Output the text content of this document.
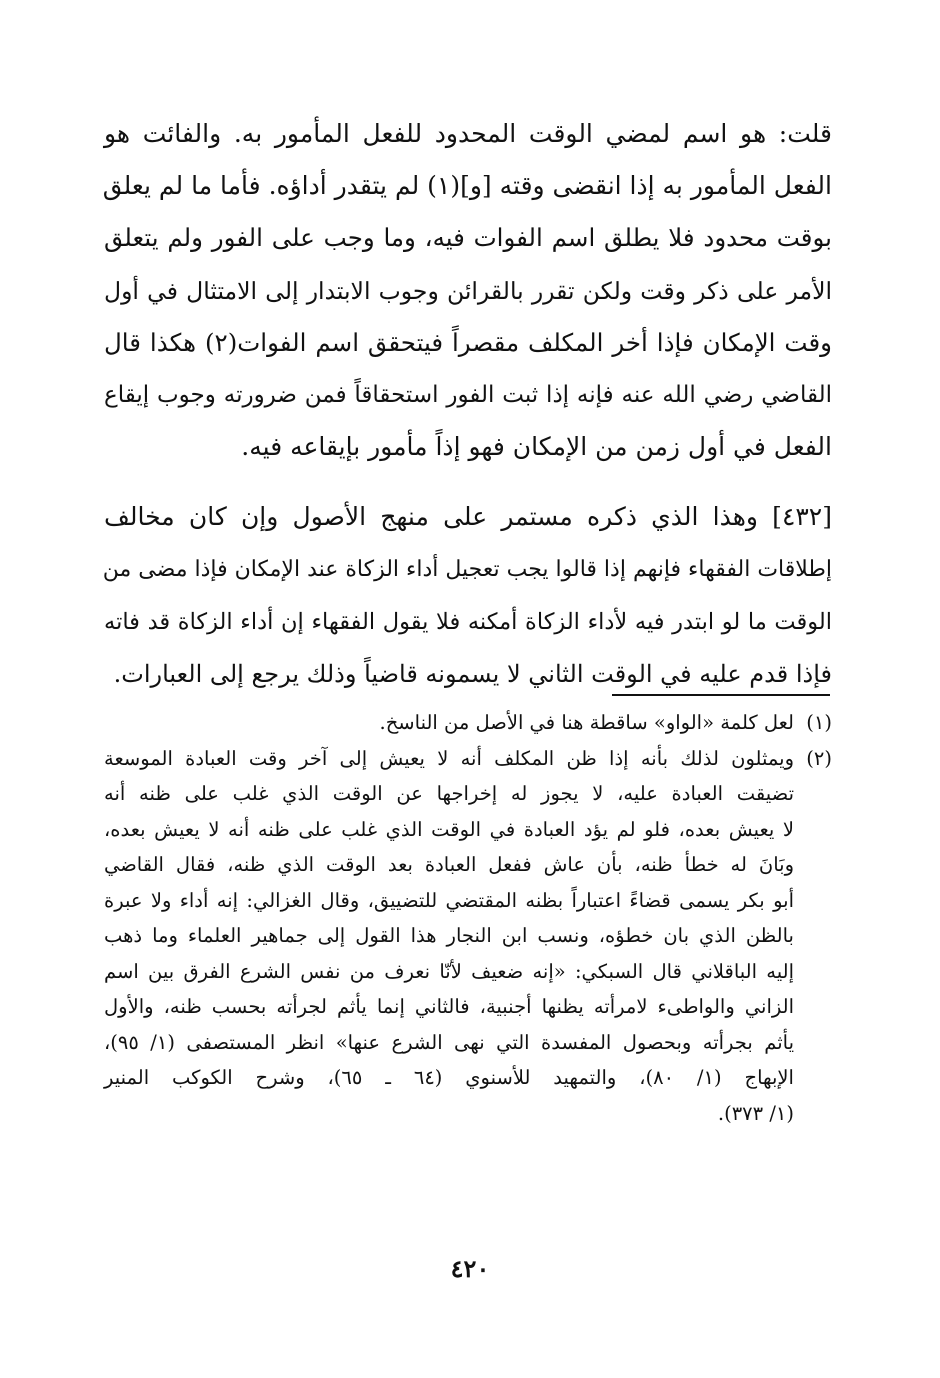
قلت: هو اسم لمضي الوقت المحدود للفعل المأمور به. والفائت هو
الفعل المأمور به إذا انقضى وقته [و](١) لم يتقدر أداؤه. فأما ما لم يعلق
بوقت محدود فلا يطلق اسم الفوات فيه، وما وجب على الفور ولم يتعلق
الأمر على ذكر وقت ولكن تقرر بالقرائن وجوب الابتدار إلى الامتثال في أول
وقت الإمكان فإذا أخر المكلف مقصراً فيتحقق اسم الفوات(٢) هكذا قال
القاضي رضي الله عنه فإنه إذا ثبت الفور استحقاقاً فمن ضرورته وجوب إيقاع
الفعل في أول زمن من الإمكان فهو إذاً مأمور بإيقاعه فيه.

[٤٣٢] وهذا الذي ذكره مستمر على منهج الأصول وإن كان مخالف
إطلاقات الفقهاء فإنهم إذا قالوا يجب تعجيل أداء الزكاة عند الإمكان فإذا مضى من
الوقت ما لو ابتدر فيه لأداء الزكاة أمكنه فلا يقول الفقهاء إن أداء الزكاة قد فاته
فإذا قدم عليه في الوقت الثاني لا يسمونه قاضياً وذلك يرجع إلى العبارات.

(١)
لعل كلمة «الواو» ساقطة هنا في الأصل من الناسخ.
(٢)
ويمثلون لذلك بأنه إذا ظن المكلف أنه لا يعيش إلى آخر وقت العبادة الموسعة
تضيقت العبادة عليه، لا يجوز له إخراجها عن الوقت الذي غلب على ظنه أنه
لا يعيش بعده، فلو لم يؤد العبادة في الوقت الذي غلب على ظنه أنه لا يعيش بعده،
وبَانَ له خطأ ظنه، بأن عاش ففعل العبادة بعد الوقت الذي ظنه، فقال القاضي
أبو بكر يسمى قضاءً اعتباراً بظنه المقتضي للتضييق، وقال الغزالي: إنه أداء ولا عبرة
بالظن الذي بان خطؤه، ونسب ابن النجار هذا القول إلى جماهير العلماء وما ذهب
إليه الباقلاني قال السبكي: «إنه ضعيف لأنّا نعرف من نفس الشرع الفرق بين اسم
الزاني والواطىء لامرأته يظنها أجنبية، فالثاني إنما يأثم لجرأته بحسب ظنه، والأول
يأثم بجرأته وبحصول المفسدة التي نهى الشرع عنها» انظر المستصفى (١/ ٩٥)،
الإبهاج (١/ ٨٠)، والتمهيد للأسنوي (٦٤ ـ ٦٥)، وشرح الكوكب المنير
(١/ ٣٧٣).
٤٢٠
